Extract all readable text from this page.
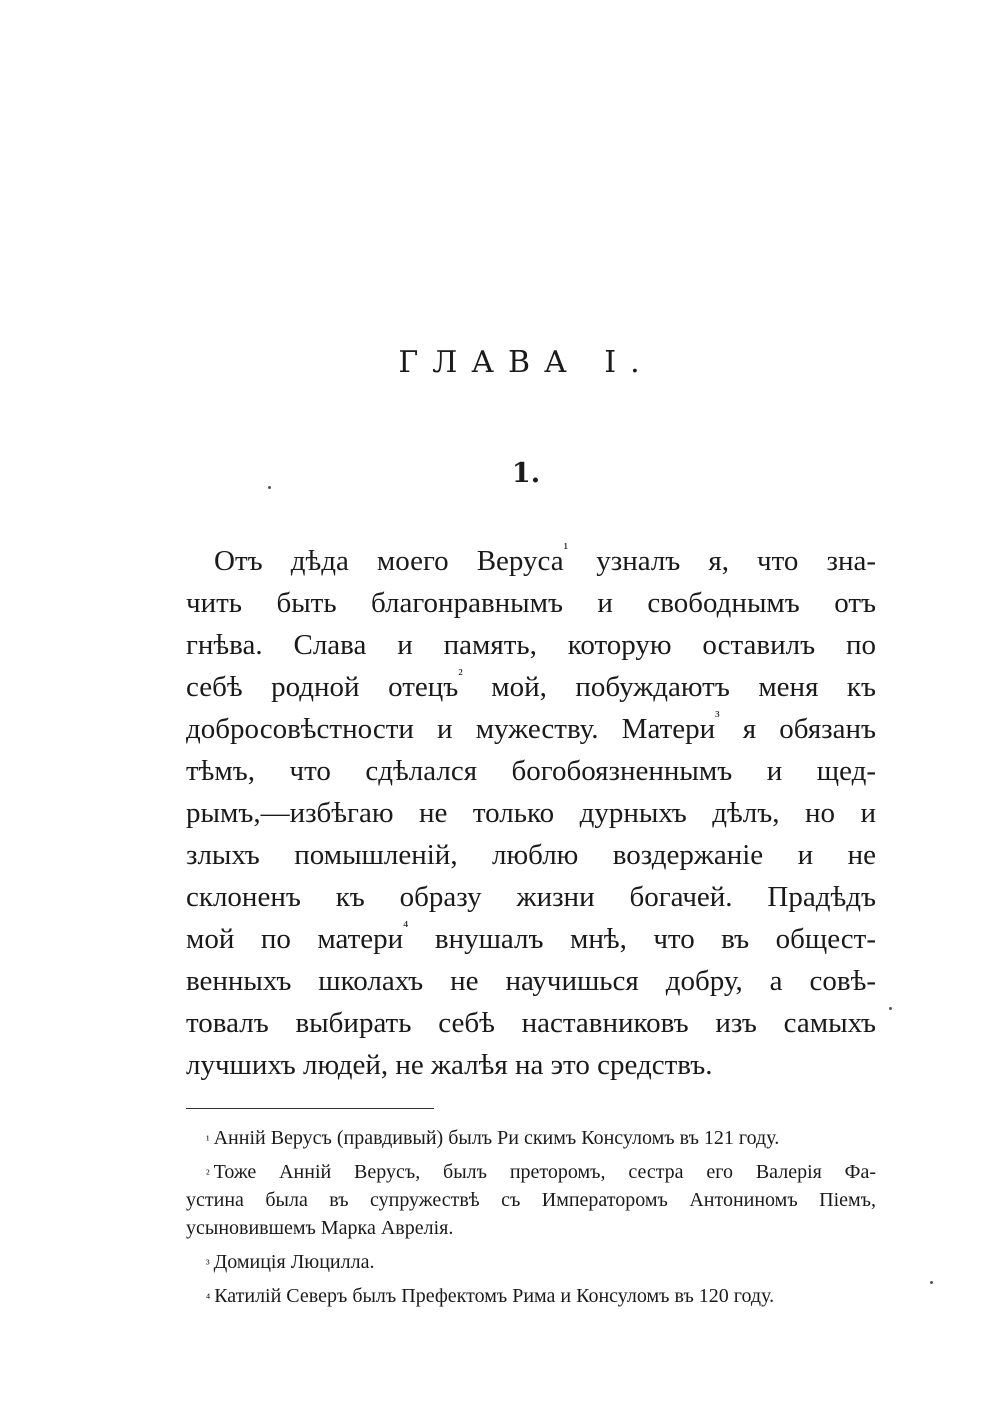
ГЛАВА I.
1.
Отъ дѣда моего Веруса$^{^1}$ узналъ я, что зна-
чить быть благонравнымъ и свободнымъ отъ
гнѣва. Слава и память, которую оставилъ по
себѣ родной отецъ$^{^2}$ мой, побуждаютъ меня къ
добросовѣстности и мужеству. Матери$^{^3}$ я обязанъ
тѣмъ, что сдѣлался богобоязненнымъ и щед-
рымъ,—избѣгаю не только дурныхъ дѣлъ, но и
злыхъ помышленій, люблю воздержаніе и не
склоненъ къ образу жизни богачей. Прадѣдъ
мой по матери$^{^4}$ внушалъ мнѣ, что въ общест-
венныхъ школахъ не научишься добру, а совѣ-
товалъ выбирать себѣ наставниковъ изъ самыхъ
лучшихъ людей, не жалѣя на это средствъ.
$^{^1}$ Анній Верусъ (правдивый) былъ Ри скимъ Консуломъ въ 121 году.
$^{^2}$ Тоже Анній Верусъ, былъ преторомъ, сестра его Валерія Фа-
устина была въ супружествѣ съ Императоромъ Антониномъ Піемъ,
усыновившемъ Марка Аврелія.
$^{^3}$ Домиція Люцилла.
$^{^4}$ Катилій Северъ былъ Префектомъ Рима и Консуломъ въ 120 году.
